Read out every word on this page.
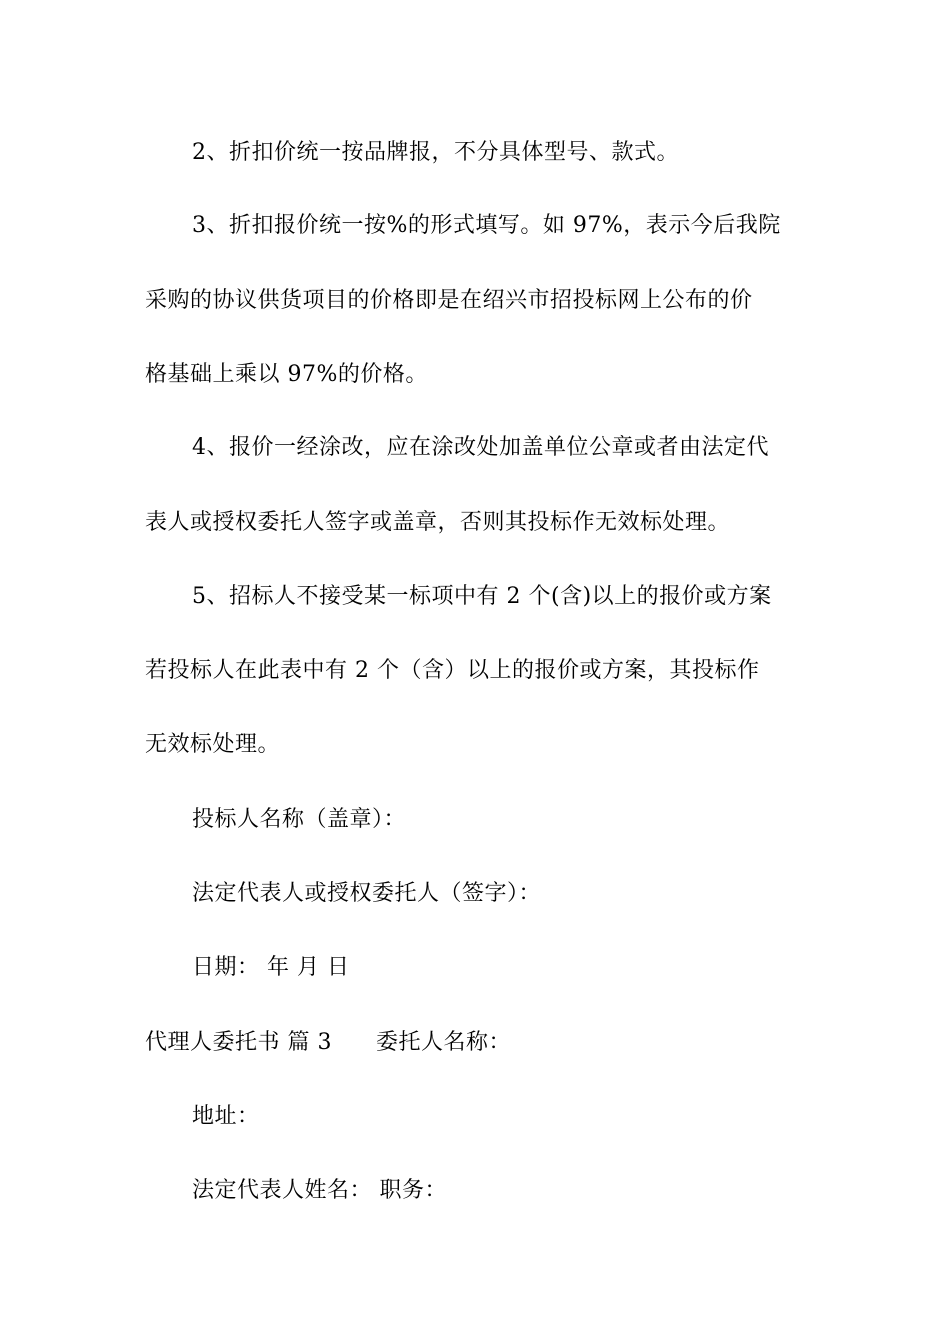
2、折扣价统一按品牌报，不分具体型号、款式。
3、折扣报价统一按%的形式填写。如 97%，表示今后我院
采购的协议供货项目的价格即是在绍兴市招投标网上公布的价
格基础上乘以 97%的价格。
4、报价一经涂改，应在涂改处加盖单位公章或者由法定代
表人或授权委托人签字或盖章，否则其投标作无效标处理。
5、招标人不接受某一标项中有 2 个(含)以上的报价或方案
若投标人在此表中有 2 个（含）以上的报价或方案，其投标作
无效标处理。
投标人名称（盖章）：
法定代表人或授权委托人（签字）：
日期： 年 月 日
代理人委托书 篇 3 委托人名称：
地址：
法定代表人姓名： 职务：
